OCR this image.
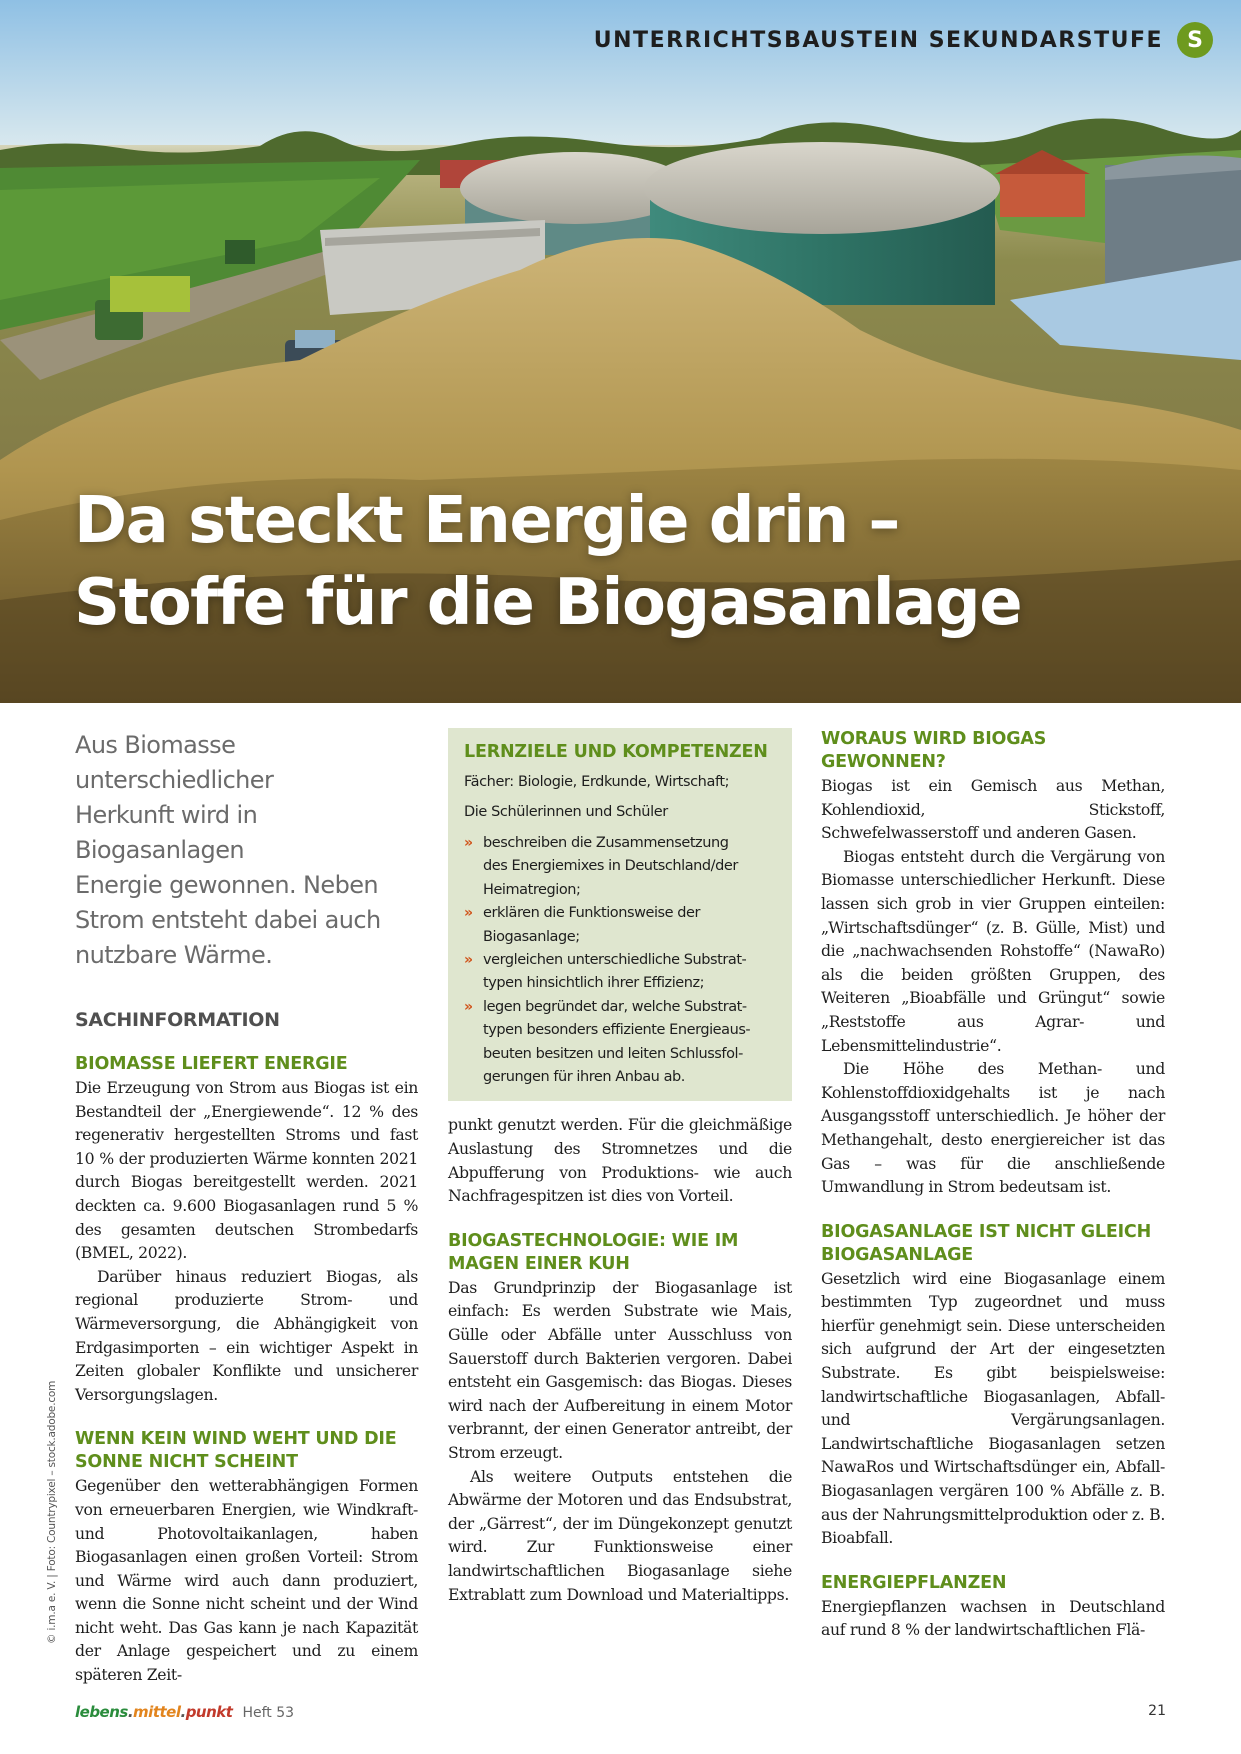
UNTERRICHTSBAUSTEIN SEKUNDARSTUFE	S
Da steckt Energie drin –
Stoffe für die Biogasanlage
Aus Biomasse unterschiedlicher
Herkunft wird in Biogasanlagen
Energie gewonnen. Neben
Strom entsteht dabei auch
nutzbare Wärme.
SACHINFORMATION
BIOMASSE LIEFERT ENERGIE

Die Erzeugung von Strom aus Biogas ist ein Bestandteil der „Energiewende“. 12 % des regenerativ hergestellten Stroms und fast 10 % der produzierten Wärme konnten 2021 durch Biogas bereitgestellt werden. 2021 deckten ca. 9.600 Biogasanlagen rund 5 % des gesamten deutschen Strombedarfs (BMEL, 2022).

Darüber hinaus reduziert Biogas, als regional produzierte Strom- und Wärmeversorgung, die Abhängigkeit von Erdgasimporten – ein wichtiger Aspekt in Zeiten globaler Konflikte und unsicherer Versorgungslagen.

WENN KEIN WIND WEHT UND DIE
SONNE NICHT SCHEINT

Gegenüber den wetterabhängigen Formen von erneuerbaren Energien, wie Windkraft- und Photovoltaikanlagen, haben Biogasanlagen einen großen Vorteil: Strom und Wärme wird auch dann produziert, wenn die Sonne nicht scheint und der Wind nicht weht. Das Gas kann je nach Kapazität der Anlage gespeichert und zu einem späteren Zeit-

LERNZIELE UND KOMPETENZEN
Fächer: Biologie, Erdkunde, Wirtschaft;
Die Schülerinnen und Schüler
» beschreiben die Zusammensetzung
des Energiemixes in Deutschland/der
Heimatregion;
» erklären die Funktionsweise der
Biogasanlage;
» vergleichen unterschiedliche Substrat-
typen hinsichtlich ihrer Effizienz;
» legen begründet dar, welche Substrat-
typen besonders effiziente Energieaus-
beuten besitzen und leiten Schlussfol-
gerungen für ihren Anbau ab.

punkt genutzt werden. Für die gleichmäßige Auslastung des Stromnetzes und die Abpufferung von Produktions- wie auch Nachfragespitzen ist dies von Vorteil.

BIOGASTECHNOLOGIE: WIE IM
MAGEN EINER KUH

Das Grundprinzip der Biogasanlage ist einfach: Es werden Substrate wie Mais, Gülle oder Abfälle unter Ausschluss von Sauerstoff durch Bakterien vergoren. Dabei entsteht ein Gasgemisch: das Biogas. Dieses wird nach der Aufbereitung in einem Motor verbrannt, der einen Generator antreibt, der Strom erzeugt.

Als weitere Outputs entstehen die Abwärme der Motoren und das Endsubstrat, der „Gärrest“, der im Düngekonzept genutzt wird. Zur Funktionsweise einer landwirtschaftlichen Biogasanlage siehe Extrablatt zum Download und Materialtipps.

WORAUS WIRD BIOGAS GEWONNEN?

Biogas ist ein Gemisch aus Methan, Kohlendioxid, Stickstoff, Schwefelwasserstoff und anderen Gasen.

Biogas entsteht durch die Vergärung von Biomasse unterschiedlicher Herkunft. Diese lassen sich grob in vier Gruppen einteilen: „Wirtschaftsdünger“ (z. B. Gülle, Mist) und die „nachwachsenden Rohstoffe“ (NawaRo) als die beiden größten Gruppen, des Weiteren „Bioabfälle und Grüngut“ sowie „Reststoffe aus Agrar- und Lebensmittelindustrie“.

Die Höhe des Methan- und Kohlenstoffdioxidgehalts ist je nach Ausgangsstoff unterschiedlich. Je höher der Methangehalt, desto energiereicher ist das Gas – was für die anschließende Umwandlung in Strom bedeutsam ist.

BIOGASANLAGE IST NICHT GLEICH
BIOGASANLAGE

Gesetzlich wird eine Biogasanlage einem bestimmten Typ zugeordnet und muss hierfür genehmigt sein. Diese unterscheiden sich aufgrund der Art der eingesetzten Substrate. Es gibt beispielsweise: landwirtschaftliche Biogasanlagen, Abfall- und Vergärungsanlagen. Landwirtschaftliche Biogasanlagen setzen NawaRos und Wirtschaftsdünger ein, Abfall-Biogasanlagen vergären 100 % Abfälle z. B. aus der Nahrungsmittelproduktion oder z. B. Bioabfall.

ENERGIEPFLANZEN

Energiepflanzen wachsen in Deutschland auf rund 8 % der landwirtschaftlichen Flä-

© i.m.a e. V. | Foto: Countrypixel – stock.adobe.com
lebens.mittel.punkt Heft 53	21
